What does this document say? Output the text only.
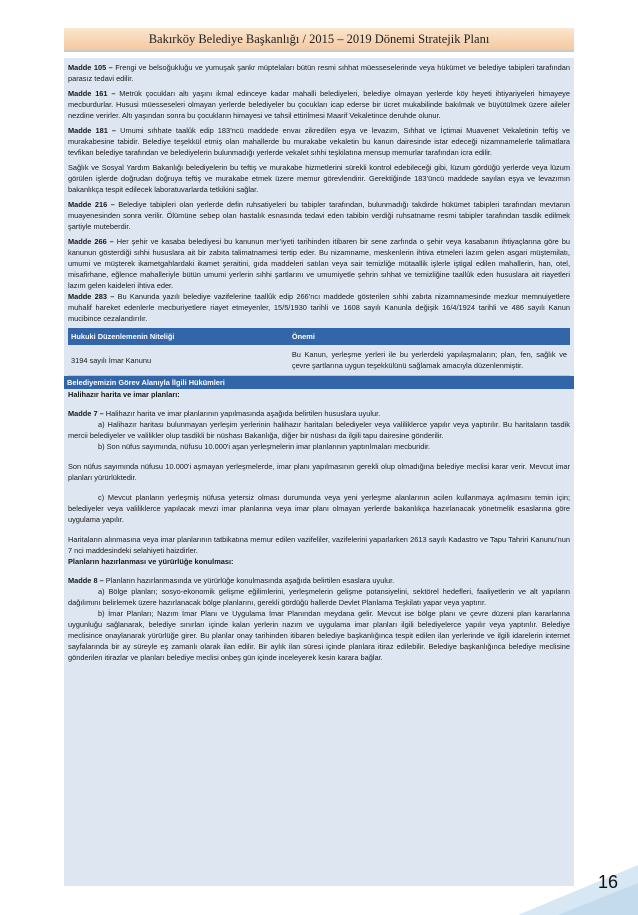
Bakırköy Belediye Başkanlığı / 2015 – 2019 Dönemi Stratejik Planı

Madde 105 – Frengi ve belsoğukluğu ve yumuşak şankr müptelaları bütün resmi sıhhat müesseselerinde veya hükümet ve belediye tabipleri tarafından parasız tedavi edilir.

Madde 161 – Metrük çocukları altı yaşını ikmal edinceye kadar mahalli belediyeleri, belediye olmayan yerlerde köy heyeti ihtiyariyeleri himayeye mecburdurlar. Hususi müesseseleri olmayan yerlerde belediyeler bu çocukları icap ederse bir ücret mukabilinde bakılmak ve büyütülmek üzere aileler nezdine verirler. Altı yaşından sonra bu çocukların himayesi ve tahsil ettirilmesi Maarif Vekaletince deruhde olunur.

Madde 181 – Umumi sıhhate taalûk edip 183’ncü maddede envaı zikredilen eşya ve levazım, Sıhhat ve İçtimai Muavenet Vekaletinin teftiş ve murakabesine tabidir. Belediye teşekkül etmiş olan mahallerde bu murakabe vekaletin bu kanun dairesinde istar edeceği nizamnamelerle talimatlara tevfikan belediye tarafından ve belediyelerin bulunmadığı yerlerde vekalet sıhhi teşkilatına mensup memurlar tarafından icra edilir.

Sağlık ve Sosyal Yardım Bakanlığı belediyelerin bu teftiş ve murakabe hizmetlerini sürekli kontrol edebileceği gibi, lüzum gördüğü yerlerde veya lüzum görülen işlerde doğrudan doğruya teftiş ve murakabe etmek üzere memur görevlendirir. Gerektiğinde 183’üncü maddede sayılan eşya ve levazımın bakanlıkça tespit edilecek laboratuvarlarda tetkikini sağlar.

Madde 216 – Belediye tabipleri olan yerlerde defin ruhsatiyeleri bu tabipler tarafından, bulunmadığı takdirde hükümet tabipleri tarafından mevtanın muayenesinden sonra verilir. Ölümüne sebep olan hastalık esnasında tedavi eden tabibin verdiği ruhsatname resmi tabipler tarafından tasdik edilmek şartiyle muteberdir.

Madde 266 – Her şehir ve kasaba belediyesi bu kanunun mer’iyeti tarihinden itibaren bir sene zarfında o şehir veya kasabanın ihtiyaçlarına göre bu kanunun gösterdiği sıhhi hususlara ait bir zabıta talimatnamesi tertip eder. Bu nizamname, meskenlerin ihtiva etmeleri lazım gelen asgari müştemilatı, umumi ve müşterek ikametgahlardaki ikamet şeraitini, gıda maddeleri satılan veya sair temizliğe mütaallik işlerle iştigal edilen mahallerin, han, otel, misafirhane, eğlence mahalleriyle bütün umumi yerlerin sıhhi şartlarını ve umumiyetle şehrin sıhhat ve temizliğine taallûk eden hususlara ait riayetleri lazım gelen kaideleri ihtiva eder.

Madde 283 – Bu Kanunda yazılı belediye vazifelerine taallûk edip 266’ncı maddede gösterilen sıhhi zabıta nizamnamesinde mezkur memnuiyetlere muhalif hareket edenlerle mecburiyetlere riayet etmeyenler, 15/5/1930 tarihli ve 1608 sayılı Kanunla değişik 16/4/1924 tarihli ve 486 sayılı Kanun mucibince cezalandırılır.

Hukuki Düzenlemenin Niteliği	Önemi
3194 sayılı İmar Kanunu	Bu Kanun, yerleşme yerleri ile bu yerlerdeki yapılaşmaların; plan, fen, sağlık ve çevre şartlarına uygun teşekkülünü sağlamak amacıyla düzenlenmiştir.
Belediyemizin Görev Alanıyla İlgili Hükümleri
Halihazır harita ve imar planları:

Madde 7 – Halihazır harita ve imar planlarının yapılmasında aşağıda belirtilen hususlara uyulur.

a) Halihazır haritası bulunmayan yerleşim yerlerinin halihazır haritaları belediyeler veya valiliklerce yapılır veya yaptırılır. Bu haritaların tasdik mercii belediyeler ve valilikler olup tasdikli bir nüshası Bakanlığa, diğer bir nüshası da ilgili tapu dairesine gönderilir.

b) Son nüfus sayımında, nüfusu 10.000'i aşan yerleşmelerin imar planlarının yaptırılmaları mecburidir.

Son nüfus sayımında nüfusu 10.000'i aşmayan yerleşmelerde, imar planı yapılmasının gerekli olup olmadığına belediye meclisi karar verir. Mevcut imar planları yürürlüktedir.

c) Mevcut planların yerleşmiş nüfusa yetersiz olması durumunda veya yeni yerleşme alanlarının acilen kullanmaya açılmasını temin için; belediyeler veya valiliklerce yapılacak mevzi imar planlarına veya imar planı olmayan yerlerde bakanlıkça hazırlanacak yönetmelik esaslarına göre uygulama yapılır.

Haritaların alınmasına veya imar planlarının tatbikatına memur edilen vazifeliler, vazifelerini yaparlarken 2613 sayılı Kadastro ve Tapu Tahriri Kanunu’nun 7 nci maddesindeki selahiyeti haizdirler.

Planların hazırlanması ve yürürlüğe konulması:

Madde 8 – Planların hazırlanmasında ve yürürlüğe konulmasında aşağıda belirtilen esaslara uyulur.

a) Bölge planları; sosyo-ekonomik gelişme eğilimlerini, yerleşmelerin gelişme potansiyelini, sektörel hedefleri, faaliyetlerin ve alt yapıların dağılımını belirlemek üzere hazırlanacak bölge planlarını, gerekli gördüğü hallerde Devlet Planlama Teşkilatı yapar veya yaptırır.

b) İmar Planları; Nazım İmar Planı ve Uygulama İmar Planından meydana gelir. Mevcut ise bölge planı ve çevre düzeni plan kararlarına uygunluğu sağlanarak, belediye sınırları içinde kalan yerlerin nazım ve uygulama imar planları ilgili belediyelerce yapılır veya yaptırılır. Belediye meclisince onaylanarak yürürlüğe girer. Bu planlar onay tarihinden itibaren belediye başkanlığınca tespit edilen ilan yerlerinde ve ilgili idarelerin internet sayfalarında bir ay süreyle eş zamanlı olarak ilan edilir. Bir aylık ilan süresi içinde planlara itiraz edilebilir. Belediye başkanlığınca belediye meclisine gönderilen itirazlar ve planları belediye meclisi onbeş gün içinde inceleyerek kesin karara bağlar.

16
